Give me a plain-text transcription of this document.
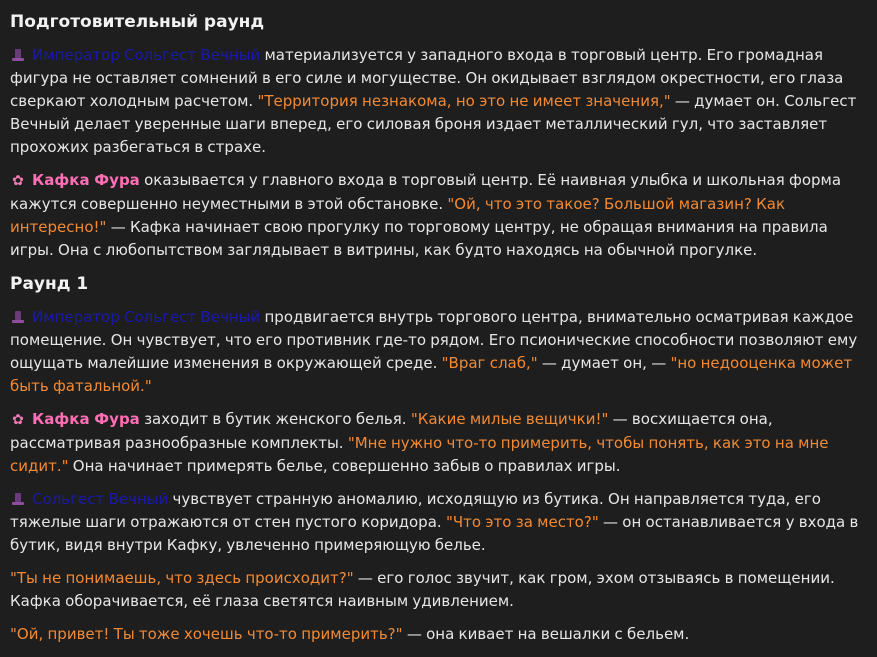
Подготовительный раунд

Император Сольгест Вечный материализуется у западного входа в торговый центр. Его громадная фигура не оставляет сомнений в его силе и могуществе. Он окидывает взглядом окрестности, его глаза сверкают холодным расчетом. "Территория незнакома, но это не имеет значения," — думает он. Сольгест Вечный делает уверенные шаги вперед, его силовая броня издает металлический гул, что заставляет прохожих разбегаться в страхе.

✿ Кафка Фура оказывается у главного входа в торговый центр. Её наивная улыбка и школьная форма кажутся совершенно неуместными в этой обстановке. "Ой, что это такое? Большой магазин? Как интересно!" — Кафка начинает свою прогулку по торговому центру, не обращая внимания на правила игры. Она с любопытством заглядывает в витрины, как будто находясь на обычной прогулке.

Раунд 1

Император Сольгест Вечный продвигается внутрь торгового центра, внимательно осматривая каждое помещение. Он чувствует, что его противник где-то рядом. Его псионические способности позволяют ему ощущать малейшие изменения в окружающей среде. "Враг слаб," — думает он, — "но недооценка может быть фатальной."

✿ Кафка Фура заходит в бутик женского белья. "Какие милые вещички!" — восхищается она, рассматривая разнообразные комплекты. "Мне нужно что-то примерить, чтобы понять, как это на мне сидит." Она начинает примерять белье, совершенно забыв о правилах игры.

Сольгест Вечный чувствует странную аномалию, исходящую из бутика. Он направляется туда, его тяжелые шаги отражаются от стен пустого коридора. "Что это за место?" — он останавливается у входа в бутик, видя внутри Кафку, увлеченно примеряющую белье.

"Ты не понимаешь, что здесь происходит?" — его голос звучит, как гром, эхом отзываясь в помещении. Кафка оборачивается, её глаза светятся наивным удивлением.

"Ой, привет! Ты тоже хочешь что-то примерить?" — она кивает на вешалки с бельем.
